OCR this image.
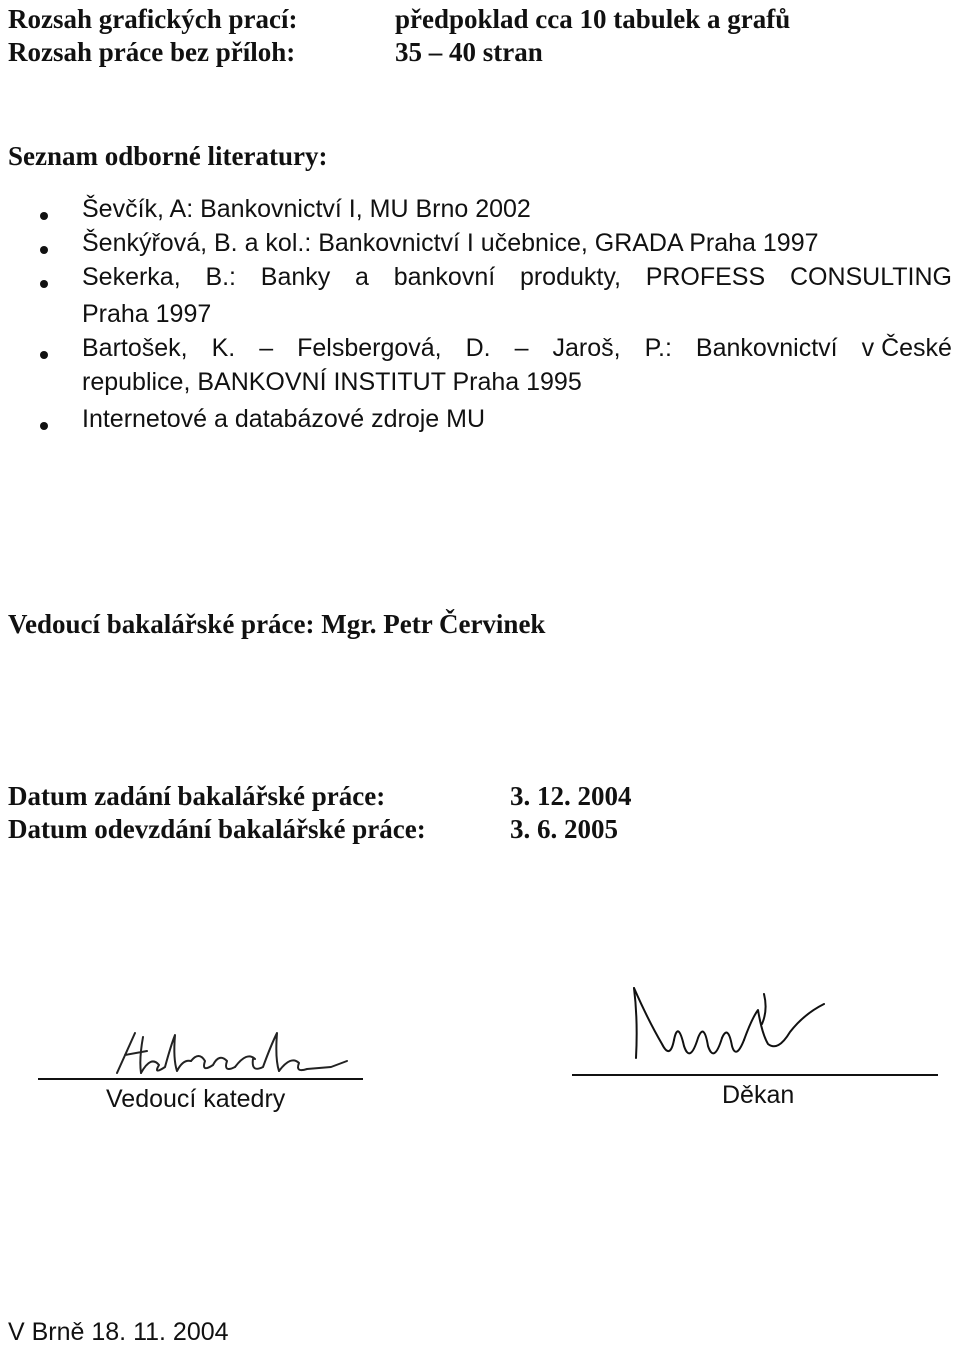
Rozsah grafických prací:	předpoklad cca 10 tabulek a grafů
Rozsah práce bez příloh:	35 – 40 stran
Seznam odborné literatury:
Ševčík, A: Bankovnictví I, MU Brno 2002
Šenkýřová, B. a kol.: Bankovnictví I učebnice, GRADA Praha 1997
Sekerka, B.: Banky a bankovní produkty, PROFESS CONSULTING
Praha 1997
Bartošek, K. – Felsbergová, D. – Jaroš, P.: Bankovnictví v České
republice, BANKOVNÍ INSTITUT Praha 1995
Internetové a databázové zdroje MU
Vedoucí bakalářské práce: Mgr. Petr Červinek
Datum zadání bakalářské práce:	3. 12. 2004
Datum odevzdání bakalářské práce:	3. 6. 2005
Vedoucí katedry	Děkan
V Brně 18. 11. 2004
